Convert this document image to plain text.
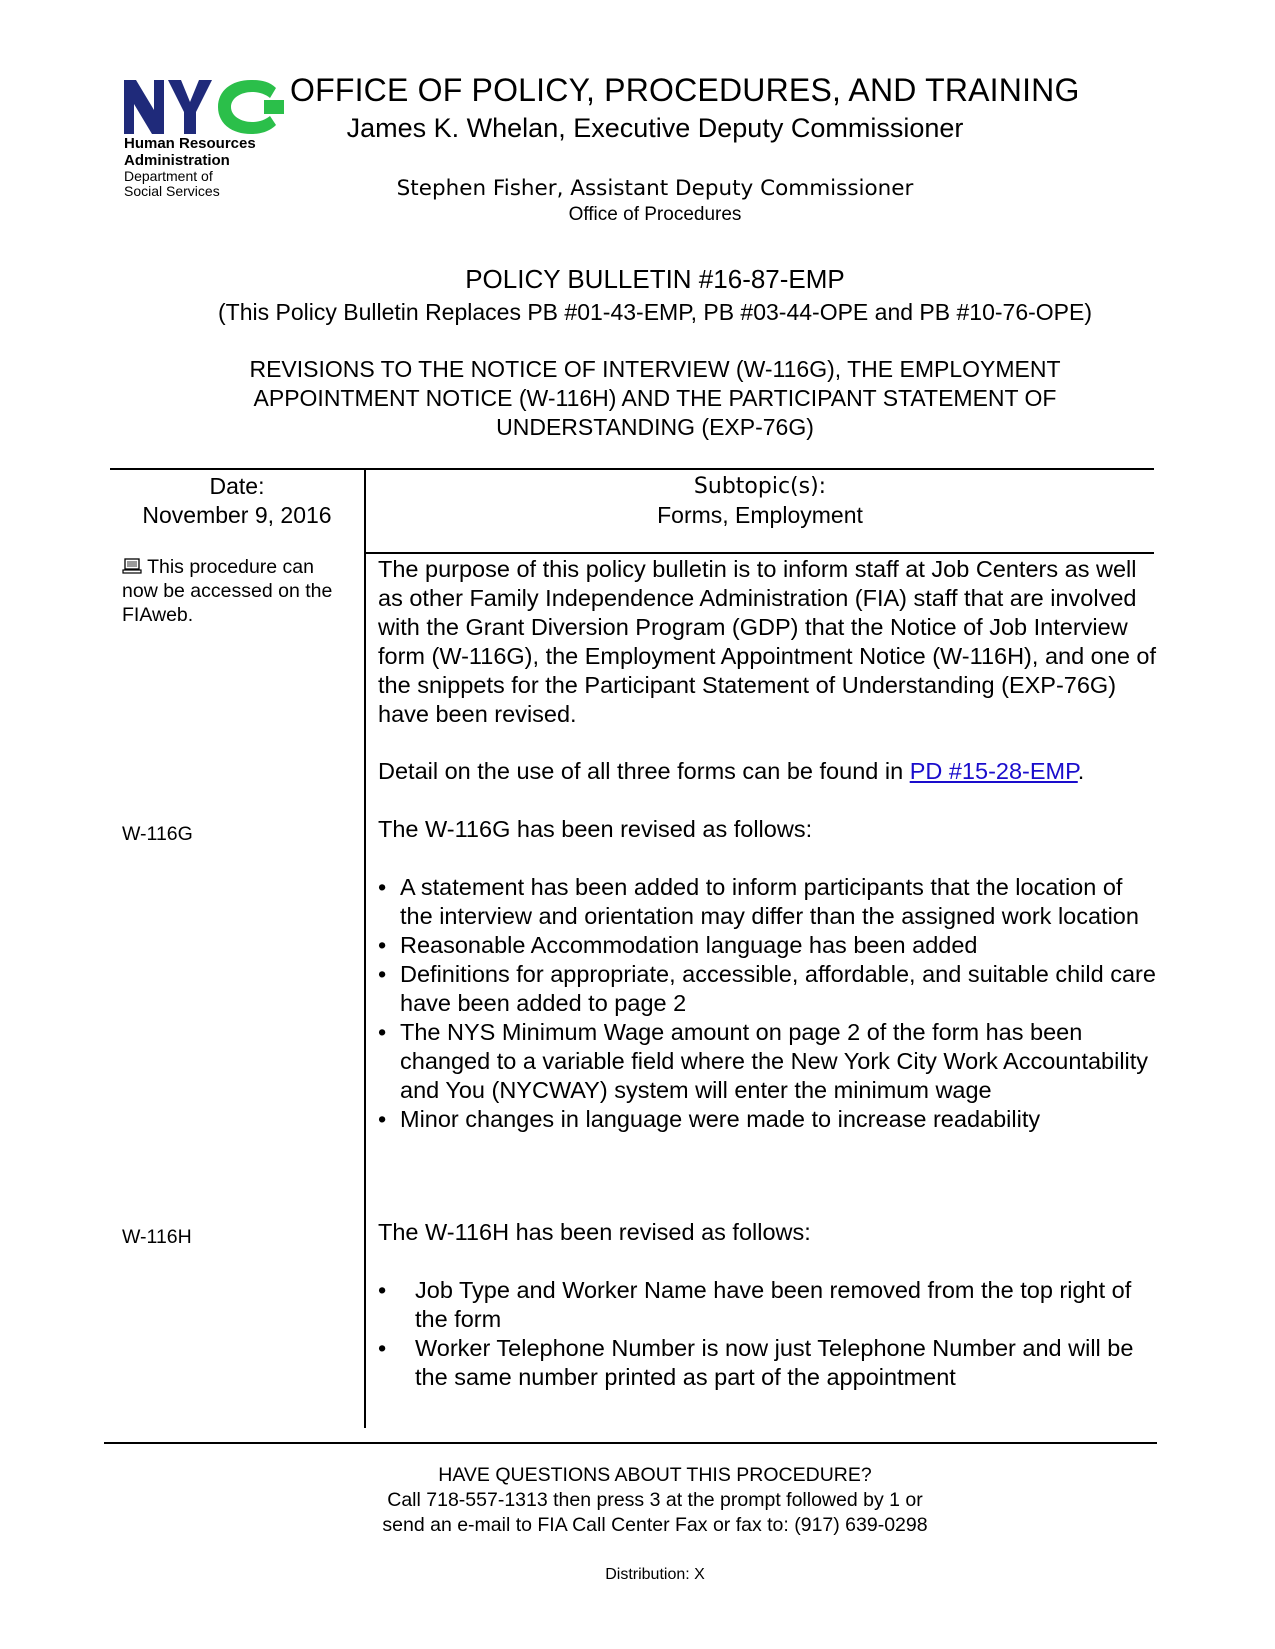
Human Resources
Administration
Department of
Social Services
OFFICE OF POLICY, PROCEDURES, AND TRAINING
James K. Whelan, Executive Deputy Commissioner
Stephen Fisher, Assistant Deputy Commissioner
Office of Procedures
POLICY BULLETIN #16-87-EMP
(This Policy Bulletin Replaces PB #01-43-EMP, PB #03-44-OPE and PB #10-76-OPE)
REVISIONS TO THE NOTICE OF INTERVIEW (W-116G), THE EMPLOYMENT
APPOINTMENT NOTICE (W-116H) AND THE PARTICIPANT STATEMENT OF
UNDERSTANDING (EXP-76G)
Date:
November 9, 2016
Subtopic(s):
Forms, Employment
This procedure can now be accessed on the FIAweb.
W-116G
W-116H

The purpose of this policy bulletin is to inform staff at Job Centers as well as other Family Independence Administration (FIA) staff that are involved with the Grant Diversion Program (GDP) that the Notice of Job Interview form (W-116G), the Employment Appointment Notice (W-116H), and one of the snippets for the Participant Statement of Understanding (EXP-76G) have been revised.

Detail on the use of all three forms can be found in PD #15-28-EMP.

The W-116G has been revised as follows:

• A statement has been added to inform participants that the location of the interview and orientation may differ than the assigned work location
• Reasonable Accommodation language has been added
• Definitions for appropriate, accessible, affordable, and suitable child care have been added to page 2
• The NYS Minimum Wage amount on page 2 of the form has been changed to a variable field where the New York City Work Accountability and You (NYCWAY) system will enter the minimum wage
• Minor changes in language were made to increase readability

The W-116H has been revised as follows:

• Job Type and Worker Name have been removed from the top right of the form
• Worker Telephone Number is now just Telephone Number and will be the same number printed as part of the appointment
HAVE QUESTIONS ABOUT THIS PROCEDURE?
Call 718-557-1313 then press 3 at the prompt followed by 1 or
send an e-mail to FIA Call Center Fax or fax to: (917) 639-0298
Distribution: X
